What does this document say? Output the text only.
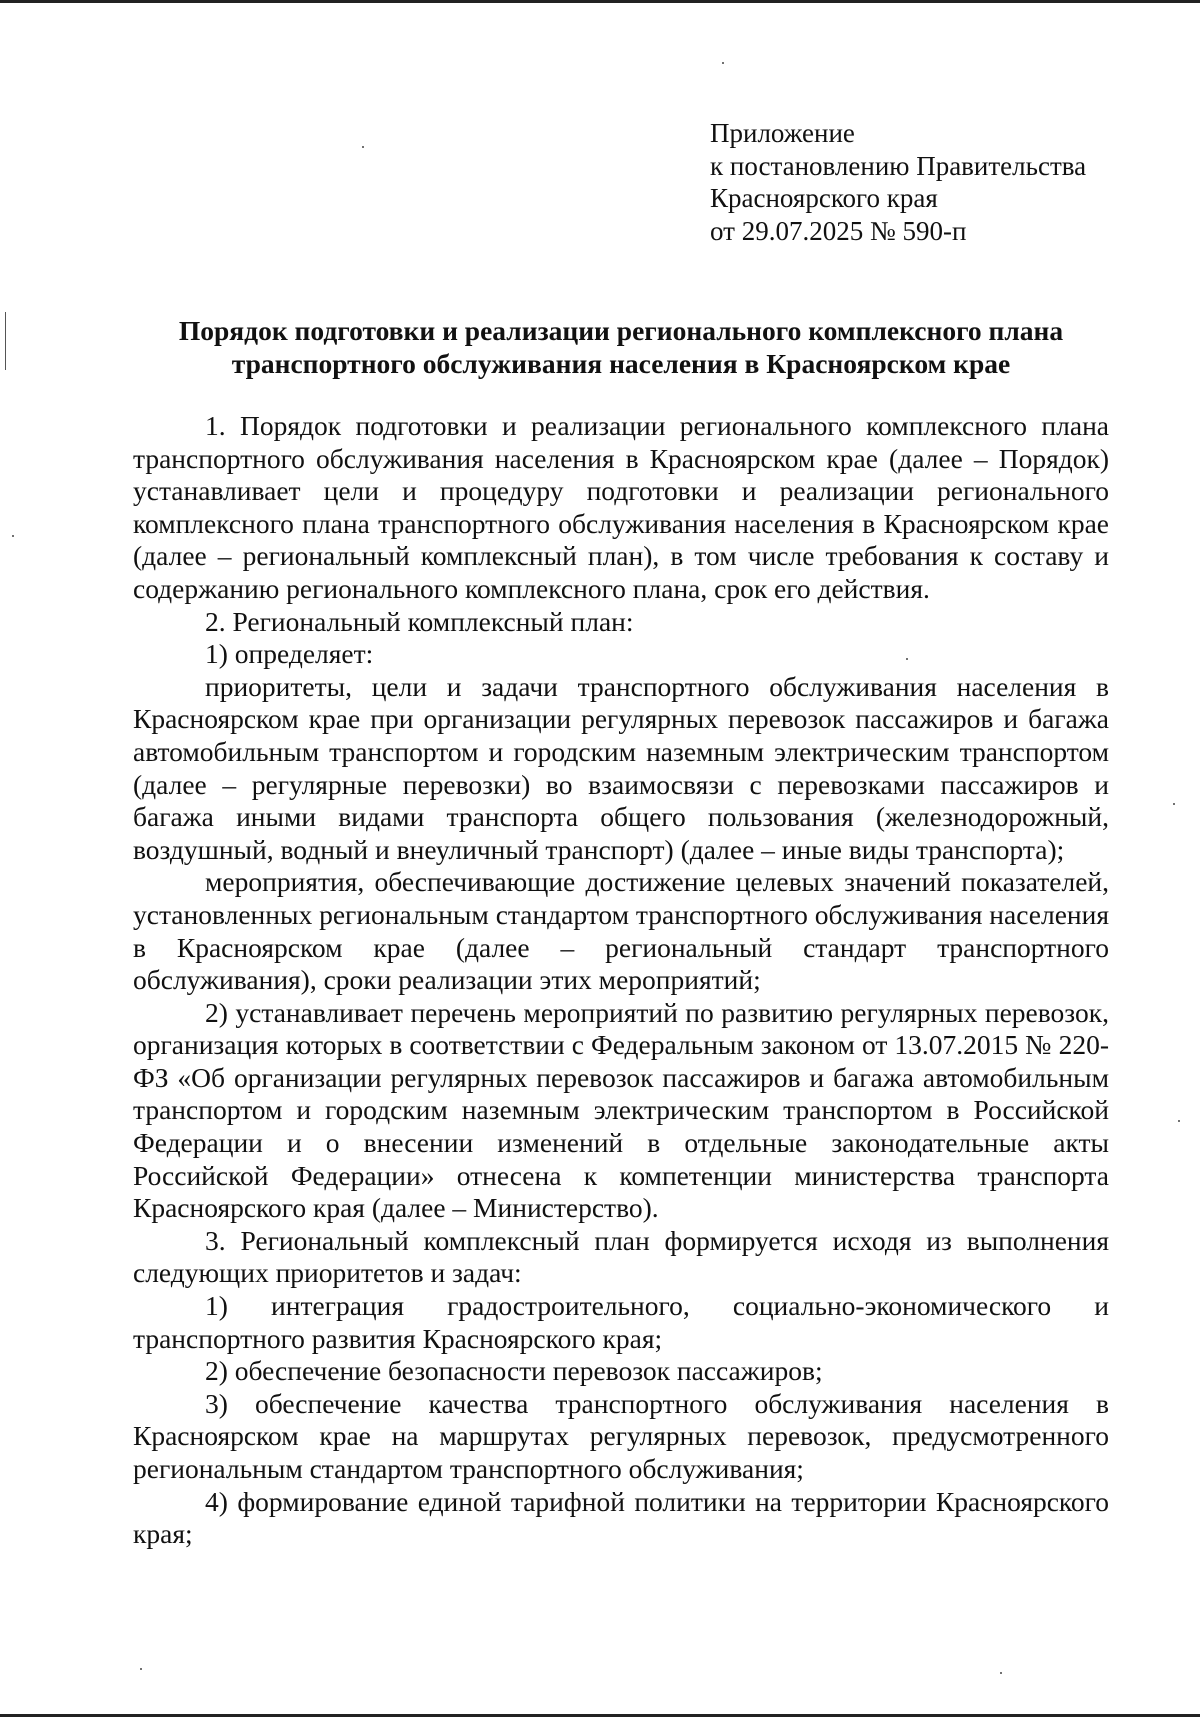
Приложение
к постановлению Правительства
Красноярского края
от 29.07.2025 № 590-п
Порядок подготовки и реализации регионального комплексного плана
транспортного обслуживания населения в Красноярском крае

1. Порядок подготовки и реализации регионального комплексного плана транспортного обслуживания населения в Красноярском крае (далее – Порядок) устанавливает цели и процедуру подготовки и реализации регионального комплексного плана транспортного обслуживания населения в Красноярском крае (далее – региональный комплексный план), в том числе требования к составу и содержанию регионального комплексного плана, срок его действия.

2. Региональный комплексный план:

1) определяет:

приоритеты, цели и задачи транспортного обслуживания населения в Красноярском крае при организации регулярных перевозок пассажиров и багажа автомобильным транспортом и городским наземным электрическим транспортом (далее – регулярные перевозки) во взаимосвязи с перевозками пассажиров и багажа иными видами транспорта общего пользования (железнодорожный, воздушный, водный и внеуличный транспорт) (далее – иные виды транспорта);

мероприятия, обеспечивающие достижение целевых значений показателей, установленных региональным стандартом транспортного обслуживания населения в Красноярском крае (далее – региональный стандарт транспортного обслуживания), сроки реализации этих мероприятий;

2) устанавливает перечень мероприятий по развитию регулярных перевозок, организация которых в соответствии с Федеральным законом от 13.07.2015 № 220-ФЗ «Об организации регулярных перевозок пассажиров и багажа автомобильным транспортом и городским наземным электрическим транспортом в Российской Федерации и о внесении изменений в отдельные законодательные акты Российской Федерации» отнесена к компетенции министерства транспорта Красноярского края (далее – Министерство).

3. Региональный комплексный план формируется исходя из выполнения следующих приоритетов и задач:

1) интеграция градостроительного, социально-экономического и транспортного развития Красноярского края;

2) обеспечение безопасности перевозок пассажиров;

3) обеспечение качества транспортного обслуживания населения в Красноярском крае на маршрутах регулярных перевозок, предусмотренного региональным стандартом транспортного обслуживания;

4) формирование единой тарифной политики на территории Красноярского края;
